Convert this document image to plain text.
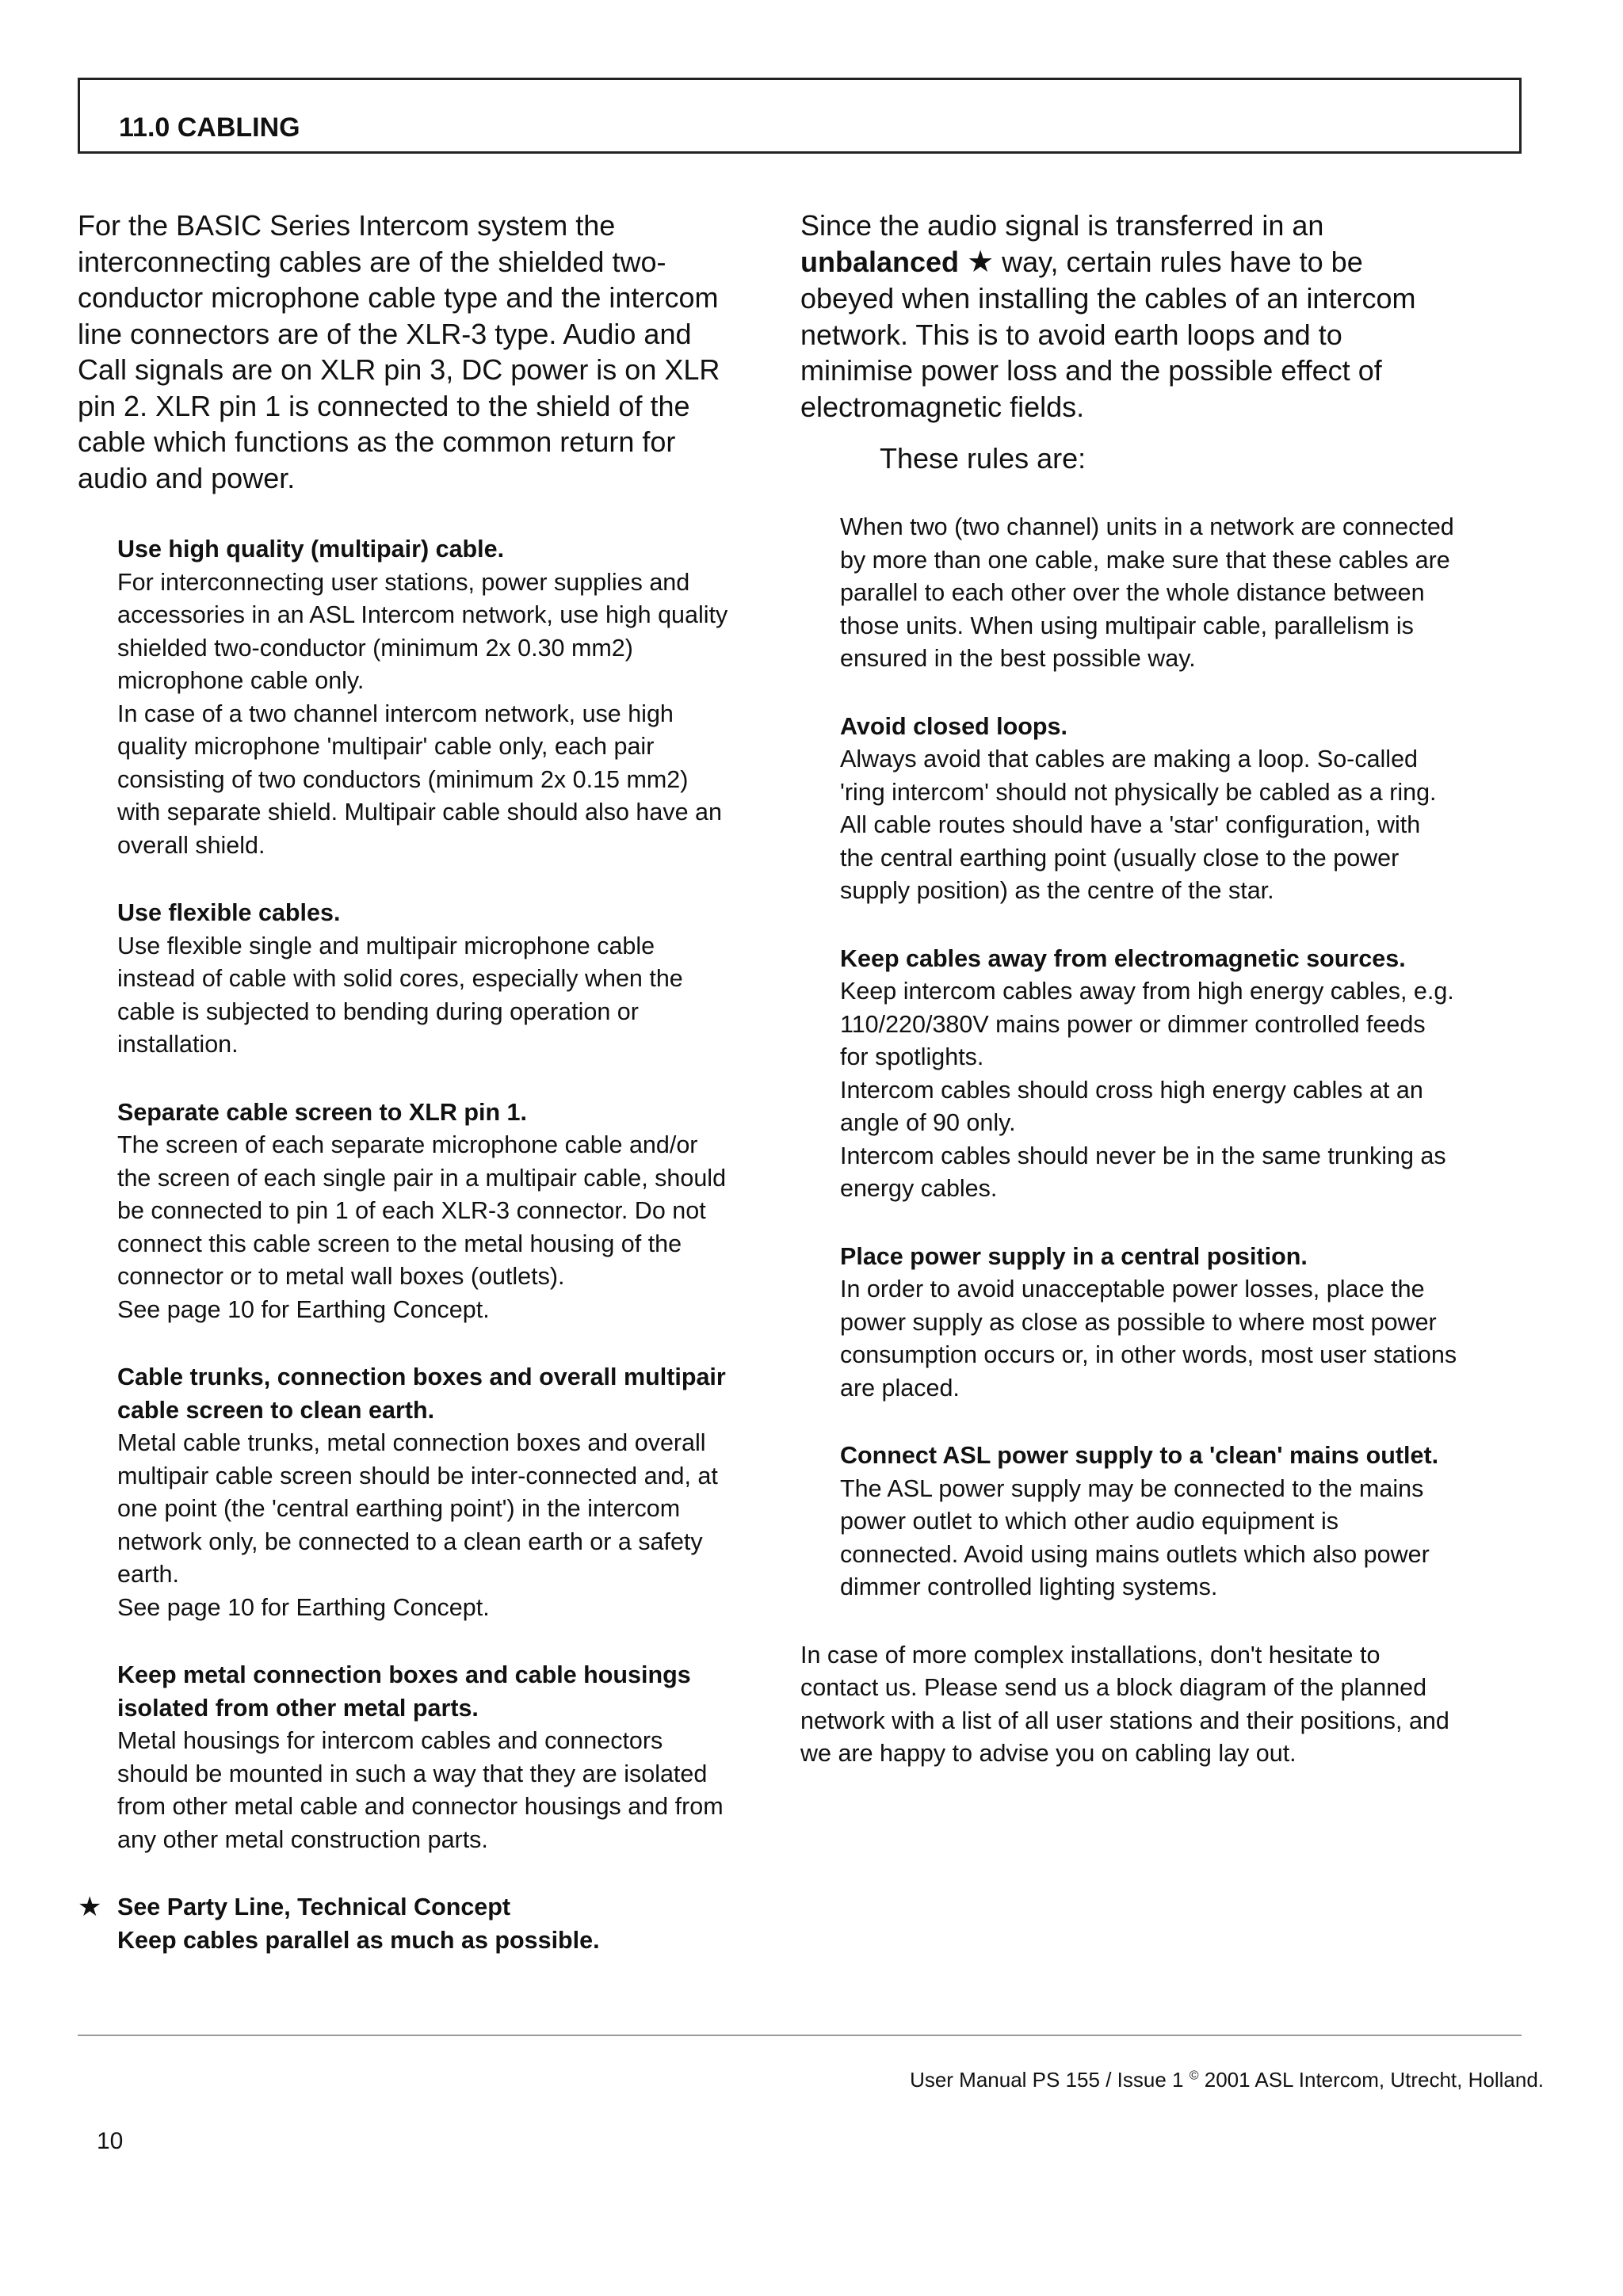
11.0 CABLING

For the BASIC Series Intercom system the interconnecting cables are of the shielded two-conductor microphone cable type and the intercom line connectors are of the XLR-3 type. Audio and Call signals are on XLR pin 3, DC power is on XLR pin 2. XLR pin 1 is connected to the shield of the cable which functions as the common return for audio and power.

Use high quality (multipair) cable.
For interconnecting user stations, power supplies and accessories in an ASL Intercom network, use high quality shielded two-conductor (minimum 2x 0.30 mm2) microphone cable only.
In case of a two channel intercom network, use high quality microphone 'multipair' cable only, each pair consisting of two conductors (minimum 2x 0.15 mm2) with separate shield. Multipair cable should also have an overall shield.
Use flexible cables.
Use flexible single and multipair microphone cable instead of cable with solid cores, especially when the cable is subjected to bending during operation or installation.
Separate cable screen to XLR pin 1.
The screen of each separate microphone cable and/or the screen of each single pair in a multipair cable, should be connected to pin 1 of each XLR-3 connector. Do not connect this cable screen to the metal housing of the connector or to metal wall boxes (outlets).
See page 10 for Earthing Concept.
Cable trunks, connection boxes and overall multipair cable screen to clean earth.
Metal cable trunks, metal connection boxes and overall multipair cable screen should be inter-connected and, at one point (the 'central earthing point') in the intercom network only, be connected to a clean earth or a safety earth.
See page 10 for Earthing Concept.
Keep metal connection boxes and cable housings isolated from other metal parts.
Metal housings for intercom cables and connectors should be mounted in such a way that they are isolated from other metal cable and connector housings and from any other metal construction parts.
★ See Party Line, Technical Concept
Keep cables parallel as much as possible.

Since the audio signal is transferred in an
unbalanced ★ way, certain rules have to be obeyed when installing the cables of an intercom network. This is to avoid earth loops and to minimise power loss and the possible effect of electromagnetic fields.

These rules are:

When two (two channel) units in a network are connected by more than one cable, make sure that these cables are parallel to each other over the whole distance between those units. When using multipair cable, parallelism is ensured in the best possible way.
Avoid closed loops.
Always avoid that cables are making a loop. So-called 'ring intercom' should not physically be cabled as a ring. All cable routes should have a 'star' configuration, with the central earthing point (usually close to the power supply position) as the centre of the star.
Keep cables away from electromagnetic sources.
Keep intercom cables away from high energy cables, e.g. 110/220/380V mains power or dimmer controlled feeds for spotlights.
Intercom cables should cross high energy cables at an angle of 90 only.
Intercom cables should never be in the same trunking as energy cables.
Place power supply in a central position.
In order to avoid unacceptable power losses, place the power supply as close as possible to where most power consumption occurs or, in other words, most user stations are placed.
Connect ASL power supply to a 'clean' mains outlet.
The ASL power supply may be connected to the mains power outlet to which other audio equipment is connected. Avoid using mains outlets which also power dimmer controlled lighting systems.

In case of more complex installations, don't hesitate to contact us. Please send us a block diagram of the planned network with a list of all user stations and their positions, and we are happy to advise you on cabling lay out.

User Manual PS 155 / Issue 1 © 2001 ASL Intercom, Utrecht, Holland.
10
